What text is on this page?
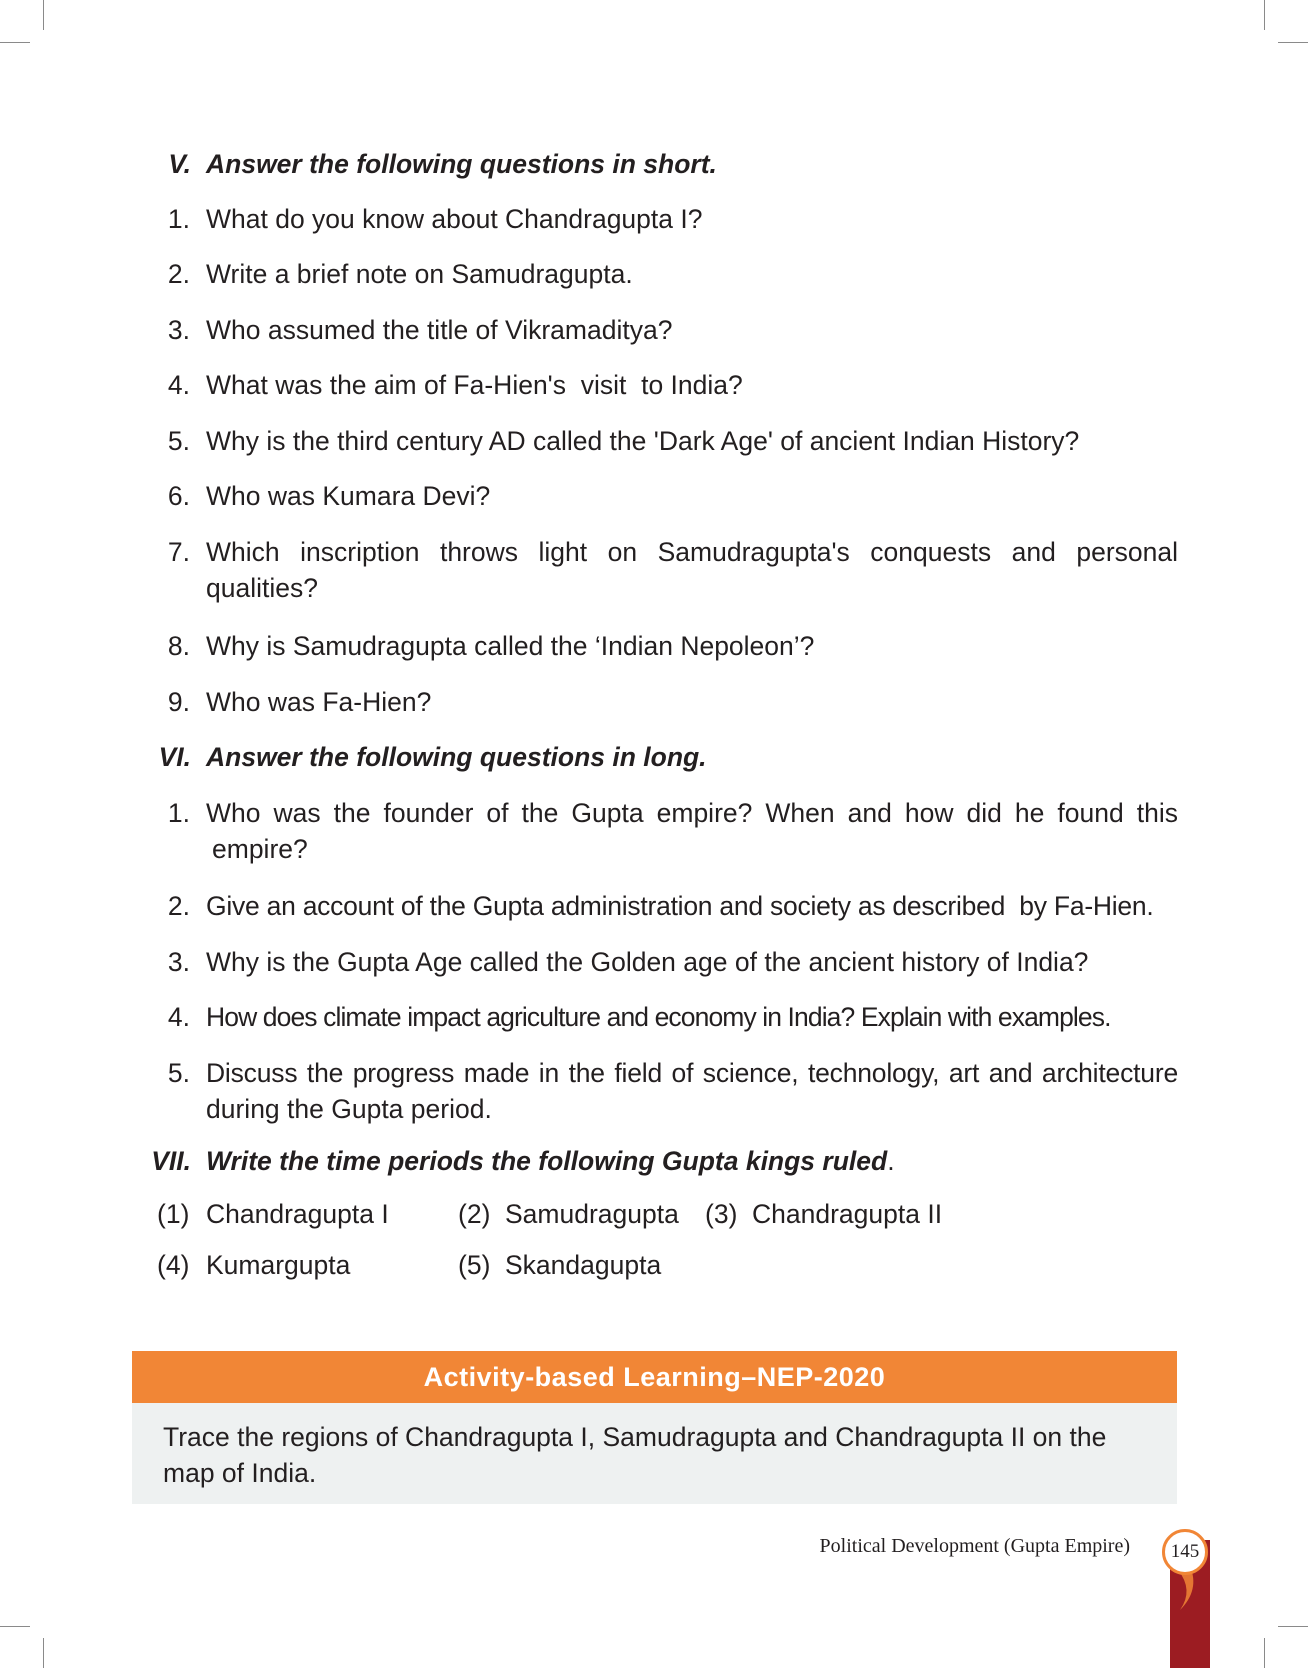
V. Answer the following questions in short.
1. What do you know about Chandragupta I?
2. Write a brief note on Samudragupta.
3. Who assumed the title of Vikramaditya?
4. What was the aim of Fa-Hien's  visit  to India?
5. Why is the third century AD called the 'Dark Age' of ancient Indian History?
6. Who was Kumara Devi?
7. Which inscription throws light on Samudragupta's conquests and personal
qualities?
8. Why is Samudragupta called the ‘Indian Nepoleon’?
9. Who was Fa-Hien?
VI. Answer the following questions in long.
1. Who was the founder of the Gupta empire? When and how did he found this
empire?
2. Give an account of the Gupta administration and society as described  by Fa-Hien.
3. Why is the Gupta Age called the Golden age of the ancient history of India?
4. How does climate impact agriculture and economy in India? Explain with examples.
5. Discuss the progress made in the field of science, technology, art and architecture
during the Gupta period.
VII. Write the time periods the following Gupta kings ruled.
(1) Chandragupta I	(2) Samudragupta (3) Chandragupta II
(4) Kumargupta	(5) Skandagupta
Activity-based Learning–NEP-2020
Trace the regions of Chandragupta I, Samudragupta and Chandragupta II on the map of India.
Political Development (Gupta Empire)	145
